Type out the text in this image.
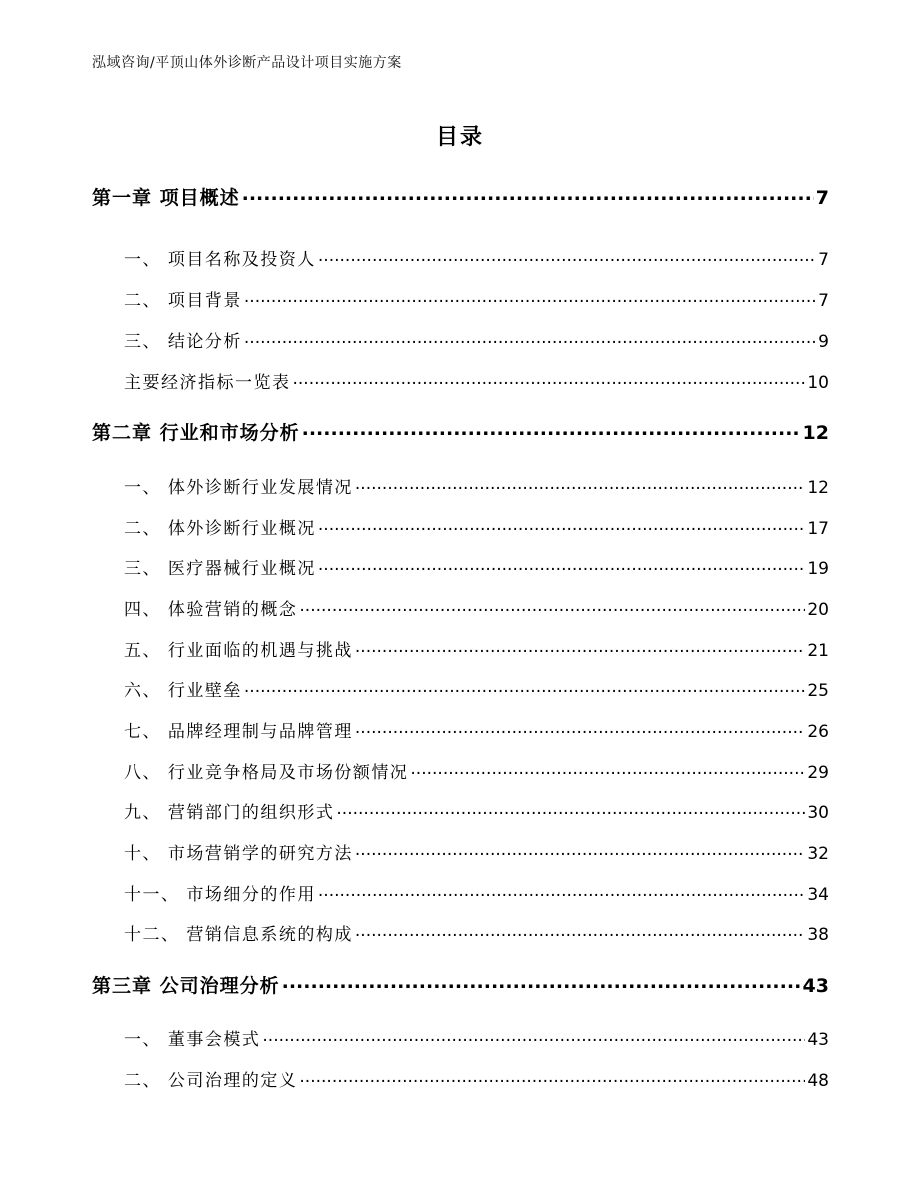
泓域咨询/平顶山体外诊断产品设计项目实施方案
目录
第一章 项目概述 .....	7
一、 项目名称及投资人 .....	7
二、 项目背景 .....	7
三、 结论分析 .....	9
主要经济指标一览表 .....	10
第二章 行业和市场分析 .....	12
一、 体外诊断行业发展情况 .....	12
二、 体外诊断行业概况 .....	17
三、 医疗器械行业概况 .....	19
四、 体验营销的概念 .....	20
五、 行业面临的机遇与挑战 .....	21
六、 行业壁垒 .....	25
七、 品牌经理制与品牌管理 .....	26
八、 行业竞争格局及市场份额情况 .....	29
九、 营销部门的组织形式 .....	30
十、 市场营销学的研究方法 .....	32
十一、 市场细分的作用 .....	34
十二、 营销信息系统的构成 .....	38
第三章 公司治理分析 .....	43
一、 董事会模式 .....	43
二、 公司治理的定义 .....	48
